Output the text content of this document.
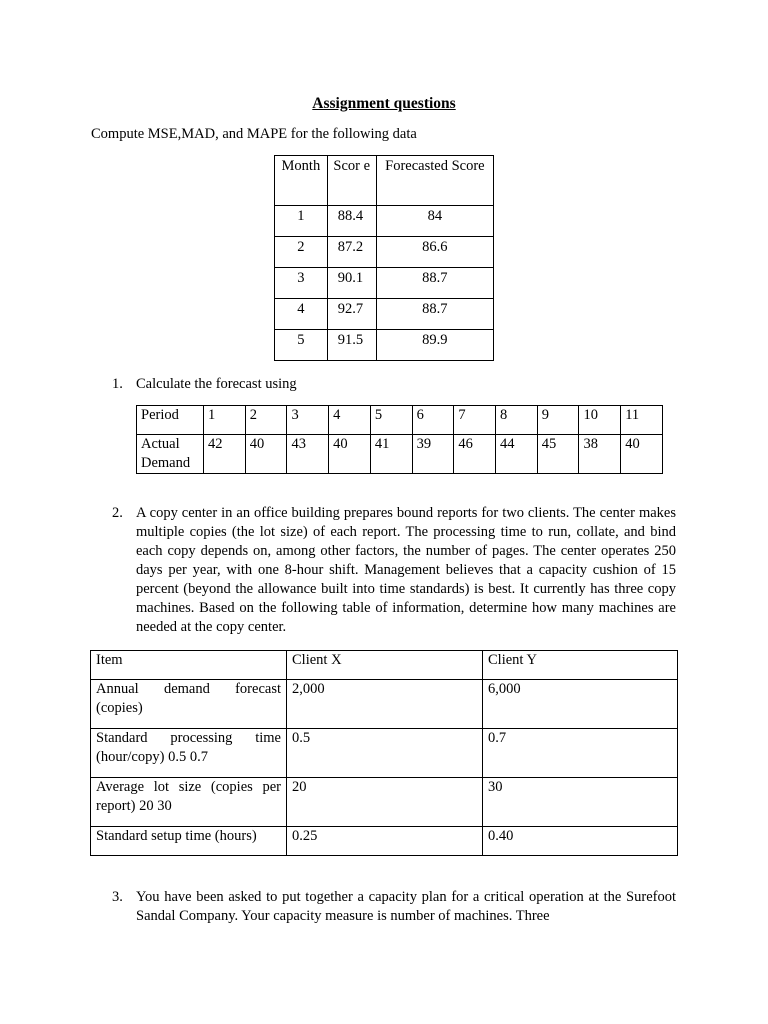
Assignment questions
Compute MSE,MAD, and MAPE for the following data
Month	Scor e	Forecasted Score
1	88.4	84
2	87.2	86.6
3	90.1	88.7
4	92.7	88.7
5	91.5	89.9
1. Calculate the forecast using
Period	1	2	3	4	5	6	7	8	9	10	11
Actual Demand	42	40	43	40	41	39	46	44	45	38	40
2. A copy center in an office building prepares bound reports for two clients. The center makes multiple copies (the lot size) of each report. The processing time to run, collate, and bind each copy depends on, among other factors, the number of pages. The center operates 250 days per year, with one 8-hour shift. Management believes that a capacity cushion of 15 percent (beyond the allowance built into time standards) is best. It currently has three copy machines. Based on the following table of information, determine how many machines are needed at the copy center.
Item	Client X	Client Y
Annual demand forecast (copies)	2,000	6,000
Standard processing time (hour/copy) 0.5 0.7	0.5	0.7
Average lot size (copies per report) 20 30	20	30
Standard setup time (hours)	0.25	0.40
3. You have been asked to put together a capacity plan for a critical operation at the Surefoot Sandal Company. Your capacity measure is number of machines. Three
